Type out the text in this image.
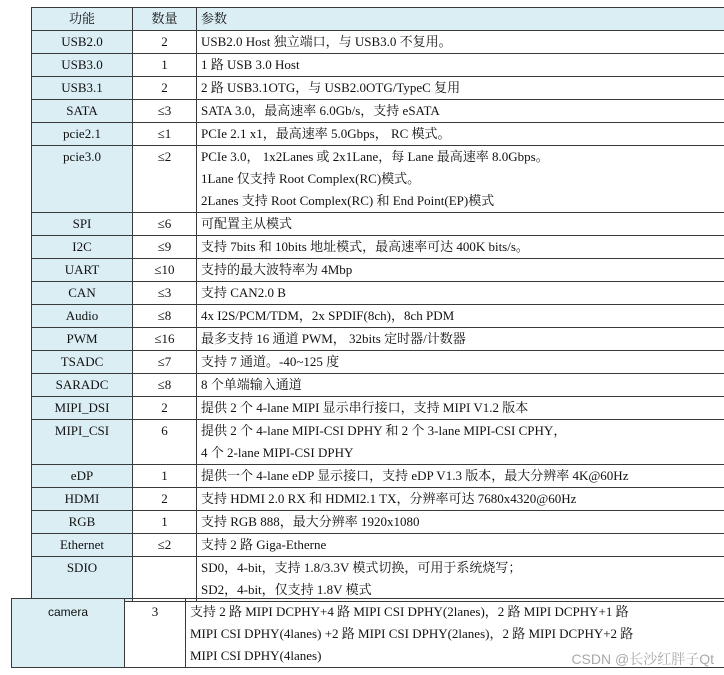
功能	数量	参数
USB2.0	2	USB2.0 Host 独立端口，与 USB3.0 不复用。

USB3.0	1	1 路 USB 3.0 Host

USB3.1	2	2 路 USB3.1OTG，与 USB2.0OTG/TypeC 复用

SATA	≤3	SATA 3.0，最高速率 6.0Gb/s，支持 eSATA

pcie2.1	≤1	PCIe 2.1 x1，最高速率 5.0Gbps， RC 模式。

pcie3.0	≤2	PCIe 3.0， 1x2Lanes 或 2x1Lane，每 Lane 最高速率 8.0Gbps。
1Lane 仅支持 Root Complex(RC)模式。
2Lanes 支持 Root Complex(RC) 和 End Point(EP)模式

SPI	≤6	可配置主从模式

I2C	≤9	支持 7bits 和 10bits 地址模式，最高速率可达 400K bits/s。

UART	≤10	支持的最大波特率为 4Mbp

CAN	≤3	支持 CAN2.0 B

Audio	≤8	4x I2S/PCM/TDM，2x SPDIF(8ch)，8ch PDM

PWM	≤16	最多支持 16 通道 PWM， 32bits 定时器/计数器

TSADC	≤7	支持 7 通道。-40~125 度

SARADC	≤8	8 个单端输入通道

MIPI_DSI	2	提供 2 个 4-lane MIPI 显示串行接口，支持 MIPI V1.2 版本

MIPI_CSI	6	提供 2 个 4-lane MIPI-CSI DPHY 和 2 个 3-lane MIPI-CSI CPHY，
4 个 2-lane MIPI-CSI DPHY

eDP	1	提供一个 4-lane eDP 显示接口，支持 eDP V1.3 版本，最大分辨率 4K@60Hz

HDMI	2	支持 HDMI 2.0 RX 和 HDMI2.1 TX，分辨率可达 7680x4320@60Hz

RGB	1	支持 RGB 888，最大分辨率 1920x1080

Ethernet	≤2	支持 2 路 Giga-Etherne

SDIO		SD0，4-bit，支持 1.8/3.3V 模式切换，可用于系统烧写；
SD2，4-bit，仅支持 1.8V 模式
camera	3	支持 2 路 MIPI DCPHY+4 路 MIPI CSI DPHY(2lanes)，2 路 MIPI DCPHY+1 路
MIPI CSI DPHY(4lanes) +2 路 MIPI CSI DPHY(2lanes)，2 路 MIPI DCPHY+2 路
MIPI CSI DPHY(4lanes)	CSDN @长沙红胖子Qt
